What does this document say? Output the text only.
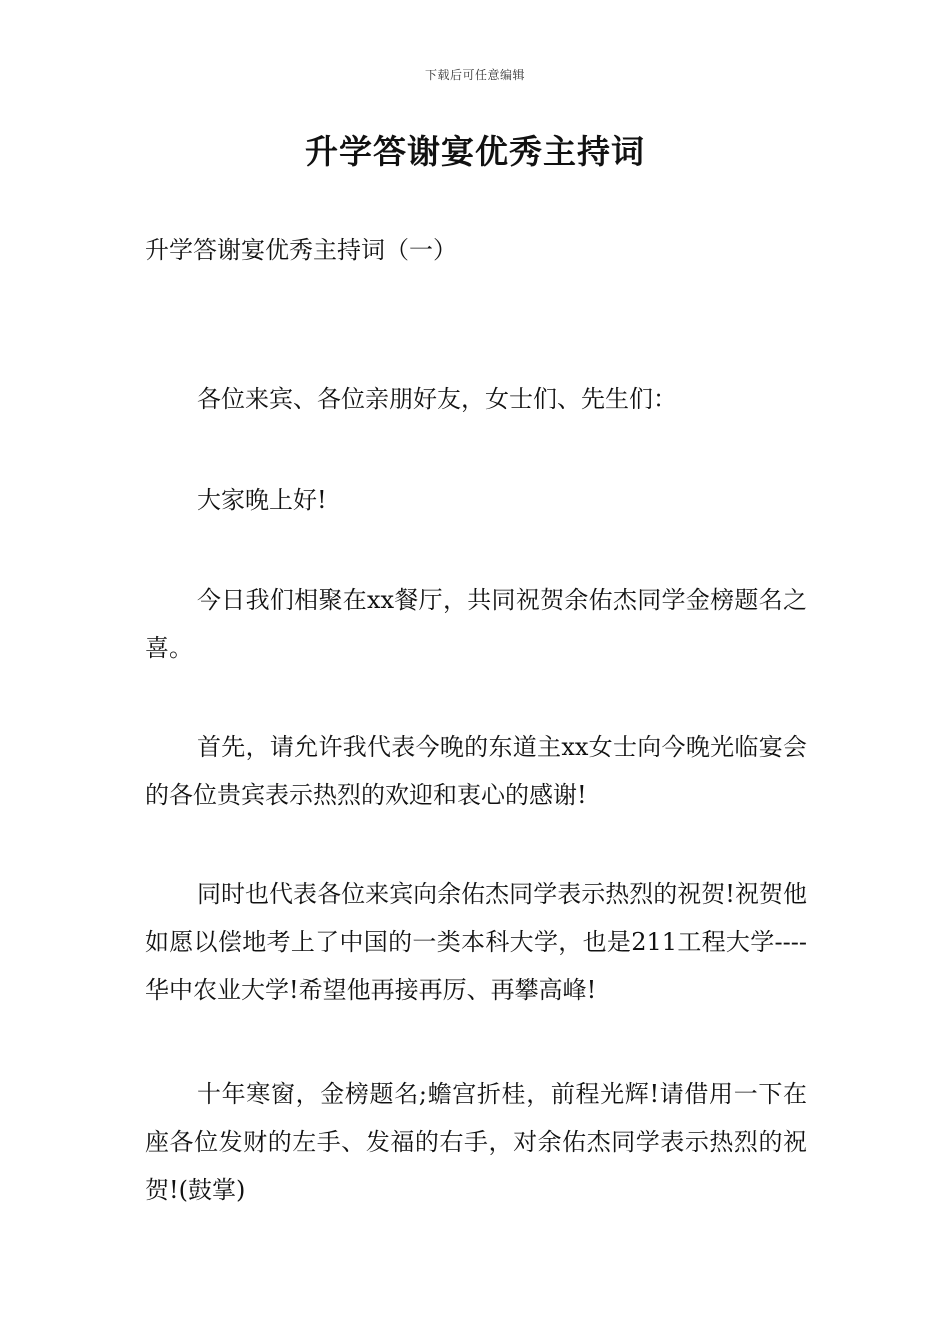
下载后可任意编辑
升学答谢宴优秀主持词

升学答谢宴优秀主持词（一）

各位来宾、各位亲朋好友，女士们、先生们：

大家晚上好!

今日我们相聚在xx餐厅，共同祝贺余佑杰同学金榜题名之喜。

首先，请允许我代表今晚的东道主xx女士向今晚光临宴会的各位贵宾表示热烈的欢迎和衷心的感谢!

同时也代表各位来宾向余佑杰同学表示热烈的祝贺!祝贺他如愿以偿地考上了中国的一类本科大学，也是211工程大学----华中农业大学!希望他再接再厉、再攀高峰!

十年寒窗，金榜题名;蟾宫折桂，前程光辉!请借用一下在座各位发财的左手、发福的右手，对余佑杰同学表示热烈的祝贺!(鼓掌)
